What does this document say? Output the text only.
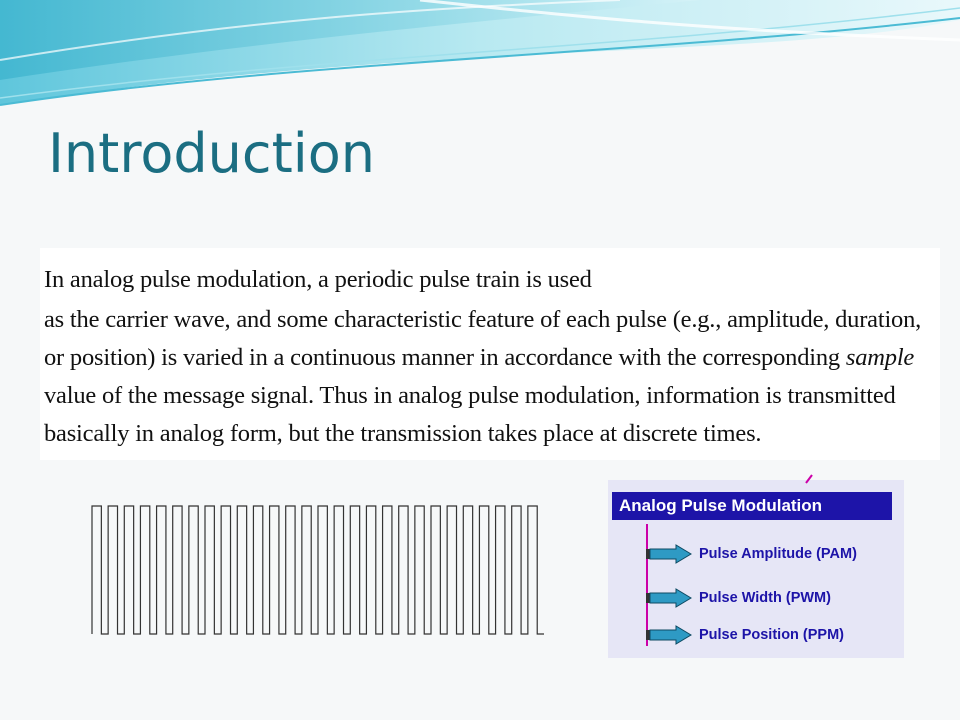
Introduction

In analog pulse modulation, a periodic pulse train is used

as the carrier wave, and some characteristic feature of each pulse (e.g., amplitude, duration,

or position) is varied in a continuous manner in accordance with the corresponding sample

value of the message signal. Thus in analog pulse modulation, information is transmitted

basically in analog form, but the transmission takes place at discrete times.

Analog Pulse Modulation
Pulse Amplitude (PAM)
Pulse Width (PWM)
Pulse Position (PPM)
